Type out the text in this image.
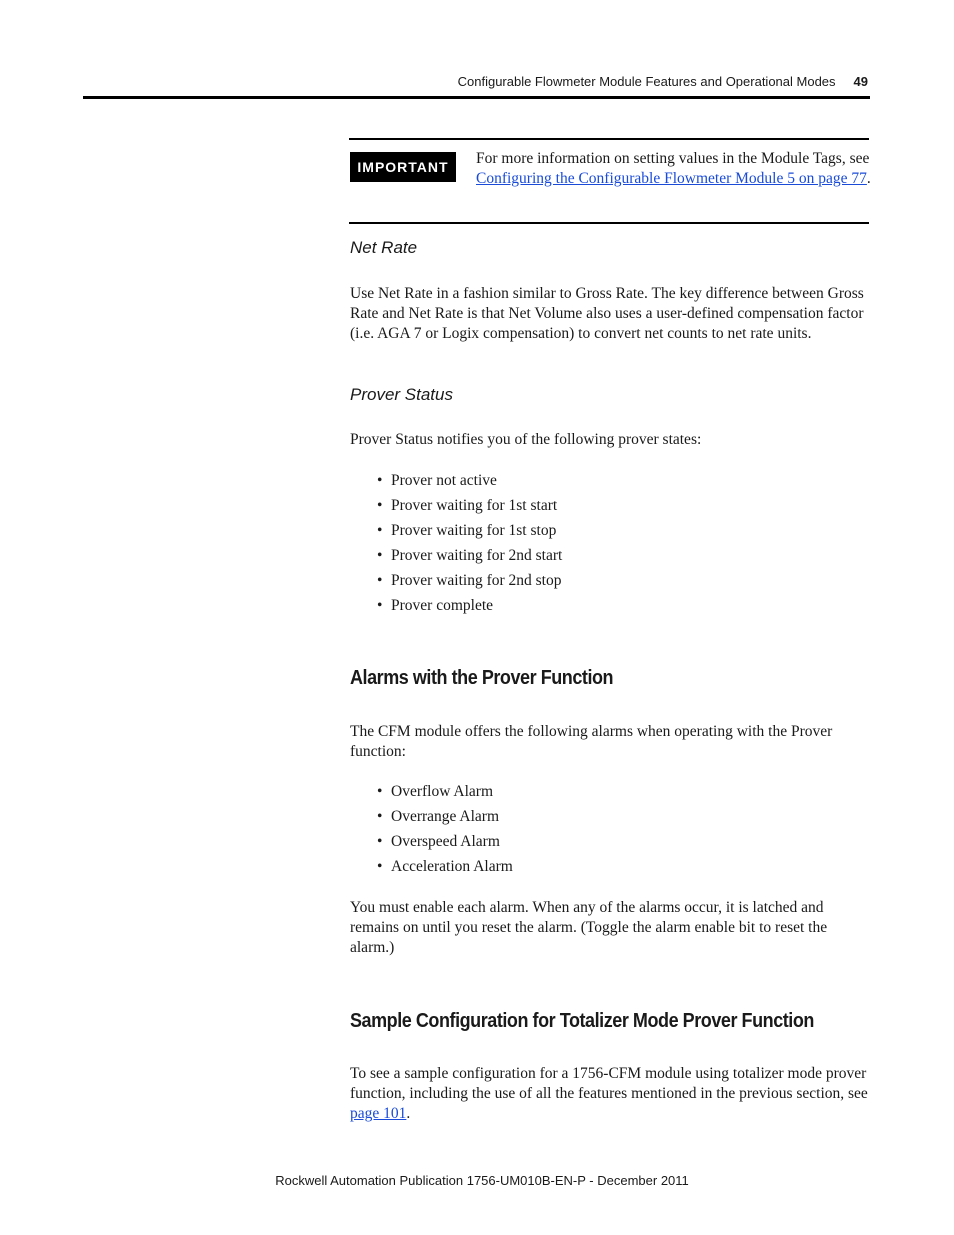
Configurable Flowmeter Module Features and Operational Modes 49
IMPORTANT	For more information on setting values in the Module Tags, see Configuring the Configurable Flowmeter Module 5 on page 77.
Net Rate
Use Net Rate in a fashion similar to Gross Rate. The key difference between Gross Rate and Net Rate is that Net Volume also uses a user-defined compensation factor (i.e. AGA 7 or Logix compensation) to convert net counts to net rate units.
Prover Status
Prover Status notifies you of the following prover states:
• Prover not active
• Prover waiting for 1st start
• Prover waiting for 1st stop
• Prover waiting for 2nd start
• Prover waiting for 2nd stop
• Prover complete
Alarms with the Prover Function
The CFM module offers the following alarms when operating with the Prover function:
• Overflow Alarm
• Overrange Alarm
• Overspeed Alarm
• Acceleration Alarm
You must enable each alarm. When any of the alarms occur, it is latched and remains on until you reset the alarm. (Toggle the alarm enable bit to reset the alarm.)
Sample Configuration for Totalizer Mode Prover Function
To see a sample configuration for a 1756-CFM module using totalizer mode prover function, including the use of all the features mentioned in the previous section, see page 101.
Rockwell Automation Publication 1756-UM010B-EN-P - December 2011
